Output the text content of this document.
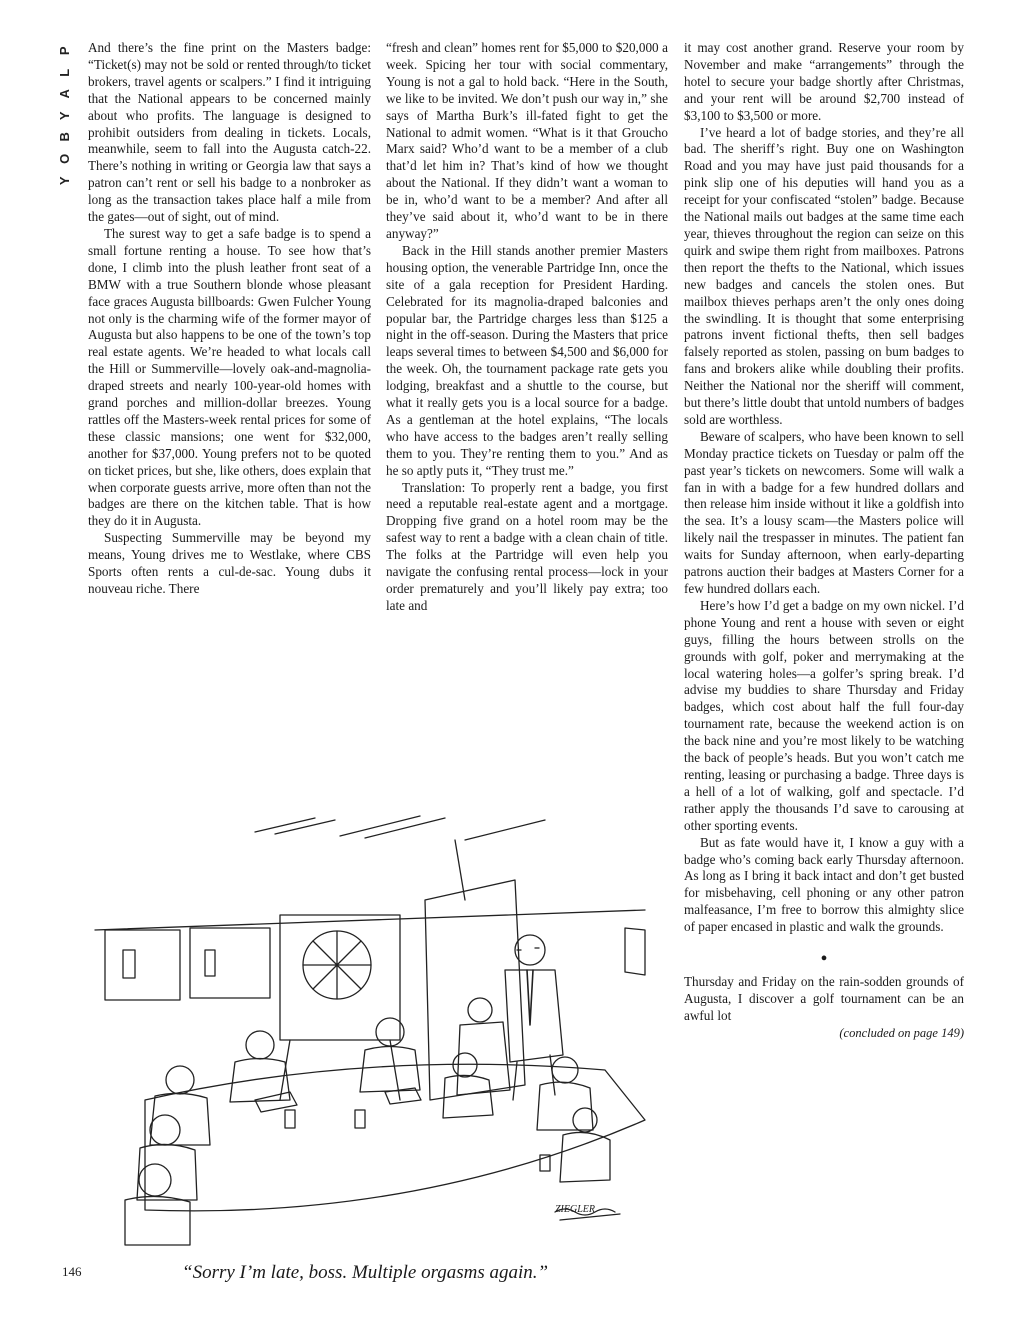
P
L
A
Y
B
O
Y

And there’s the fine print on the Masters badge: “Ticket(s) may not be sold or rented through/to ticket brokers, travel agents or scalpers.” I find it intriguing that the National appears to be concerned mainly about who profits. The language is designed to prohibit outsiders from dealing in tickets. Locals, meanwhile, seem to fall into the Augusta catch-22. There’s nothing in writing or Georgia law that says a patron can’t rent or sell his badge to a nonbroker as long as the transaction takes place half a mile from the gates—out of sight, out of mind.

The surest way to get a safe badge is to spend a small fortune renting a house. To see how that’s done, I climb into the plush leather front seat of a BMW with a true Southern blonde whose pleasant face graces Augusta billboards: Gwen Fulcher Young not only is the charming wife of the former mayor of Augusta but also happens to be one of the town’s top real estate agents. We’re headed to what locals call the Hill or Summerville—lovely oak-and-magnolia-draped streets and nearly 100-year-old homes with grand porches and million-dollar breezes. Young rattles off the Masters-week rental prices for some of these classic mansions; one went for $32,000, another for $37,000. Young prefers not to be quoted on ticket prices, but she, like others, does explain that when corporate guests arrive, more often than not the badges are there on the kitchen table. That is how they do it in Augusta.

Suspecting Summerville may be beyond my means, Young drives me to Westlake, where CBS Sports often rents a cul-de-sac. Young dubs it nouveau riche. There

“fresh and clean” homes rent for $5,000 to $20,000 a week. Spicing her tour with social commentary, Young is not a gal to hold back. “Here in the South, we like to be invited. We don’t push our way in,” she says of Martha Burk’s ill-fated fight to get the National to admit women. “What is it that Groucho Marx said? Who’d want to be a member of a club that’d let him in? That’s kind of how we thought about the National. If they didn’t want a woman to be in, who’d want to be a member? And after all they’ve said about it, who’d want to be in there anyway?”

Back in the Hill stands another premier Masters housing option, the venerable Partridge Inn, once the site of a gala reception for President Harding. Celebrated for its magnolia-draped balconies and popular bar, the Partridge charges less than $125 a night in the off-season. During the Masters that price leaps several times to between $4,500 and $6,000 for the week. Oh, the tournament package rate gets you lodging, breakfast and a shuttle to the course, but what it really gets you is a local source for a badge. As a gentleman at the hotel explains, “The locals who have access to the badges aren’t really selling them to you. They’re renting them to you.” And as he so aptly puts it, “They trust me.”

Translation: To properly rent a badge, you first need a reputable real-estate agent and a mortgage. Dropping five grand on a hotel room may be the safest way to rent a badge with a clean chain of title. The folks at the Partridge will even help you navigate the confusing rental process—lock in your order prematurely and you’ll likely pay extra; too late and

it may cost another grand. Reserve your room by November and make “arrangements” through the hotel to secure your badge shortly after Christmas, and your rent will be around $2,700 instead of $3,100 to $3,500 or more.

I’ve heard a lot of badge stories, and they’re all bad. The sheriff’s right. Buy one on Washington Road and you may have just paid thousands for a pink slip one of his deputies will hand you as a receipt for your confiscated “stolen” badge. Because the National mails out badges at the same time each year, thieves throughout the region can seize on this quirk and swipe them right from mailboxes. Patrons then report the thefts to the National, which issues new badges and cancels the stolen ones. But mailbox thieves perhaps aren’t the only ones doing the swindling. It is thought that some enterprising patrons invent fictional thefts, then sell badges falsely reported as stolen, passing on bum badges to fans and brokers alike while doubling their profits. Neither the National nor the sheriff will comment, but there’s little doubt that untold numbers of badges sold are worthless.

Beware of scalpers, who have been known to sell Monday practice tickets on Tuesday or palm off the past year’s tickets on newcomers. Some will walk a fan in with a badge for a few hundred dollars and then release him inside without it like a goldfish into the sea. It’s a lousy scam—the Masters police will likely nail the trespasser in minutes. The patient fan waits for Sunday afternoon, when early-departing patrons auction their badges at Masters Corner for a few hundred dollars each.

Here’s how I’d get a badge on my own nickel. I’d phone Young and rent a house with seven or eight guys, filling the hours between strolls on the grounds with golf, poker and merrymaking at the local watering holes—a golfer’s spring break. I’d advise my buddies to share Thursday and Friday badges, which cost about half the full four-day tournament rate, because the weekend action is on the back nine and you’re most likely to be watching the back of people’s heads. But you won’t catch me renting, leasing or purchasing a badge. Three days is a hell of a lot of walking, golf and spectacle. I’d rather apply the thousands I’d save to carousing at other sporting events.

But as fate would have it, I know a guy with a badge who’s coming back early Thursday afternoon. As long as I bring it back intact and don’t get busted for misbehaving, cell phoning or any other patron malfeasance, I’m free to borrow this almighty slice of paper encased in plastic and walk the grounds.

•

Thursday and Friday on the rain-sodden grounds of Augusta, I discover a golf tournament can be an awful lot

(concluded on page 149)
ZIEGLER
146	“Sorry I’m late, boss. Multiple orgasms again.”
